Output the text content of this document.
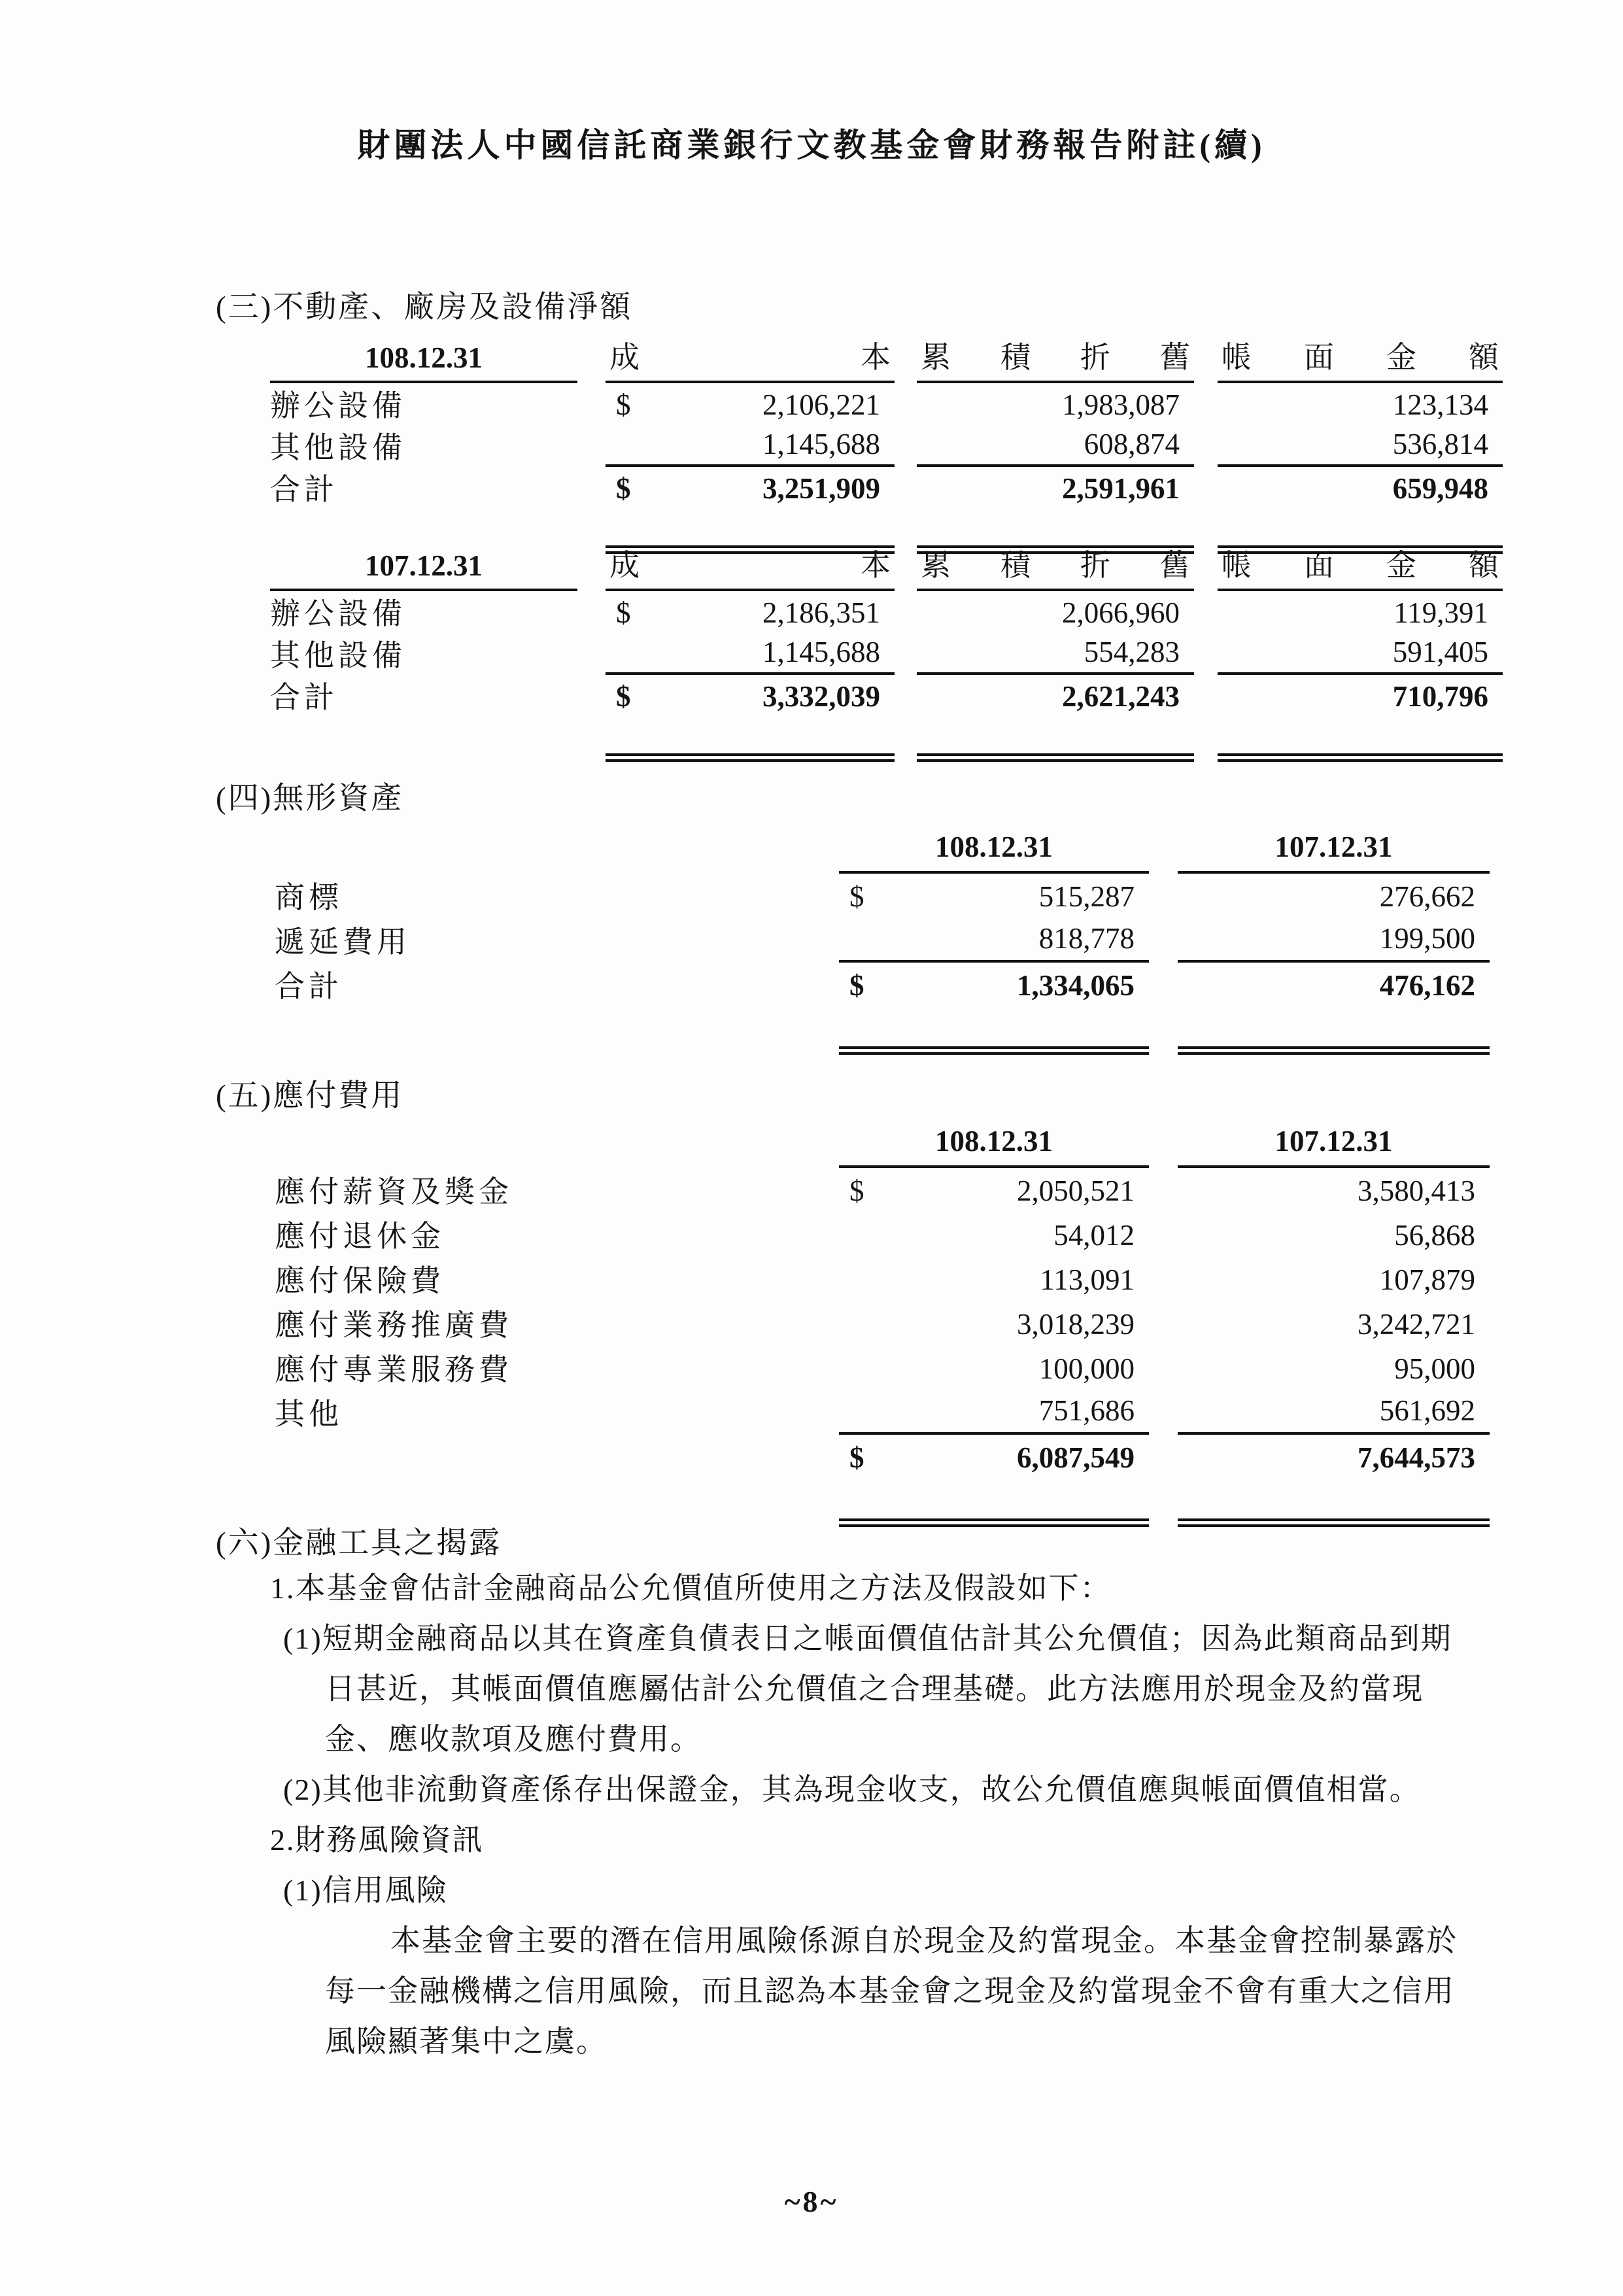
財團法人中國信託商業銀行文教基金會財務報告附註(續)
(三)不動產、廠房及設備淨額
108.12.31	成本 累積折舊 帳面金額
辦公設備	$	2,106,221	1,983,087	123,134
其他設備	1,145,688	608,874	536,814
合計	$	3,251,909	2,591,961	659,948
107.12.31	成本 累積折舊 帳面金額
辦公設備	$	2,186,351	2,066,960	119,391
其他設備	1,145,688	554,283	591,405
合計	$	3,332,039	2,621,243	710,796
(四)無形資產
108.12.31	107.12.31
商標	$	515,287	276,662
遞延費用	818,778	199,500
合計	$	1,334,065	476,162
(五)應付費用
108.12.31	107.12.31
應付薪資及獎金	$	2,050,521	3,580,413
應付退休金	54,012	56,868
應付保險費	113,091	107,879
應付業務推廣費	3,018,239	3,242,721
應付專業服務費	100,000	95,000
其他	751,686	561,692
$	6,087,549	7,644,573
(六)金融工具之揭露
1.本基金會估計金融商品公允價值所使用之方法及假設如下：
(1)短期金融商品以其在資產負債表日之帳面價值估計其公允價值；因為此類商品到期
日甚近，其帳面價值應屬估計公允價值之合理基礎。此方法應用於現金及約當現
金、應收款項及應付費用。
(2)其他非流動資產係存出保證金，其為現金收支，故公允價值應與帳面價值相當。
2.財務風險資訊
(1)信用風險
本基金會主要的潛在信用風險係源自於現金及約當現金。本基金會控制暴露於
每一金融機構之信用風險，而且認為本基金會之現金及約當現金不會有重大之信用
風險顯著集中之虞。
~8~
